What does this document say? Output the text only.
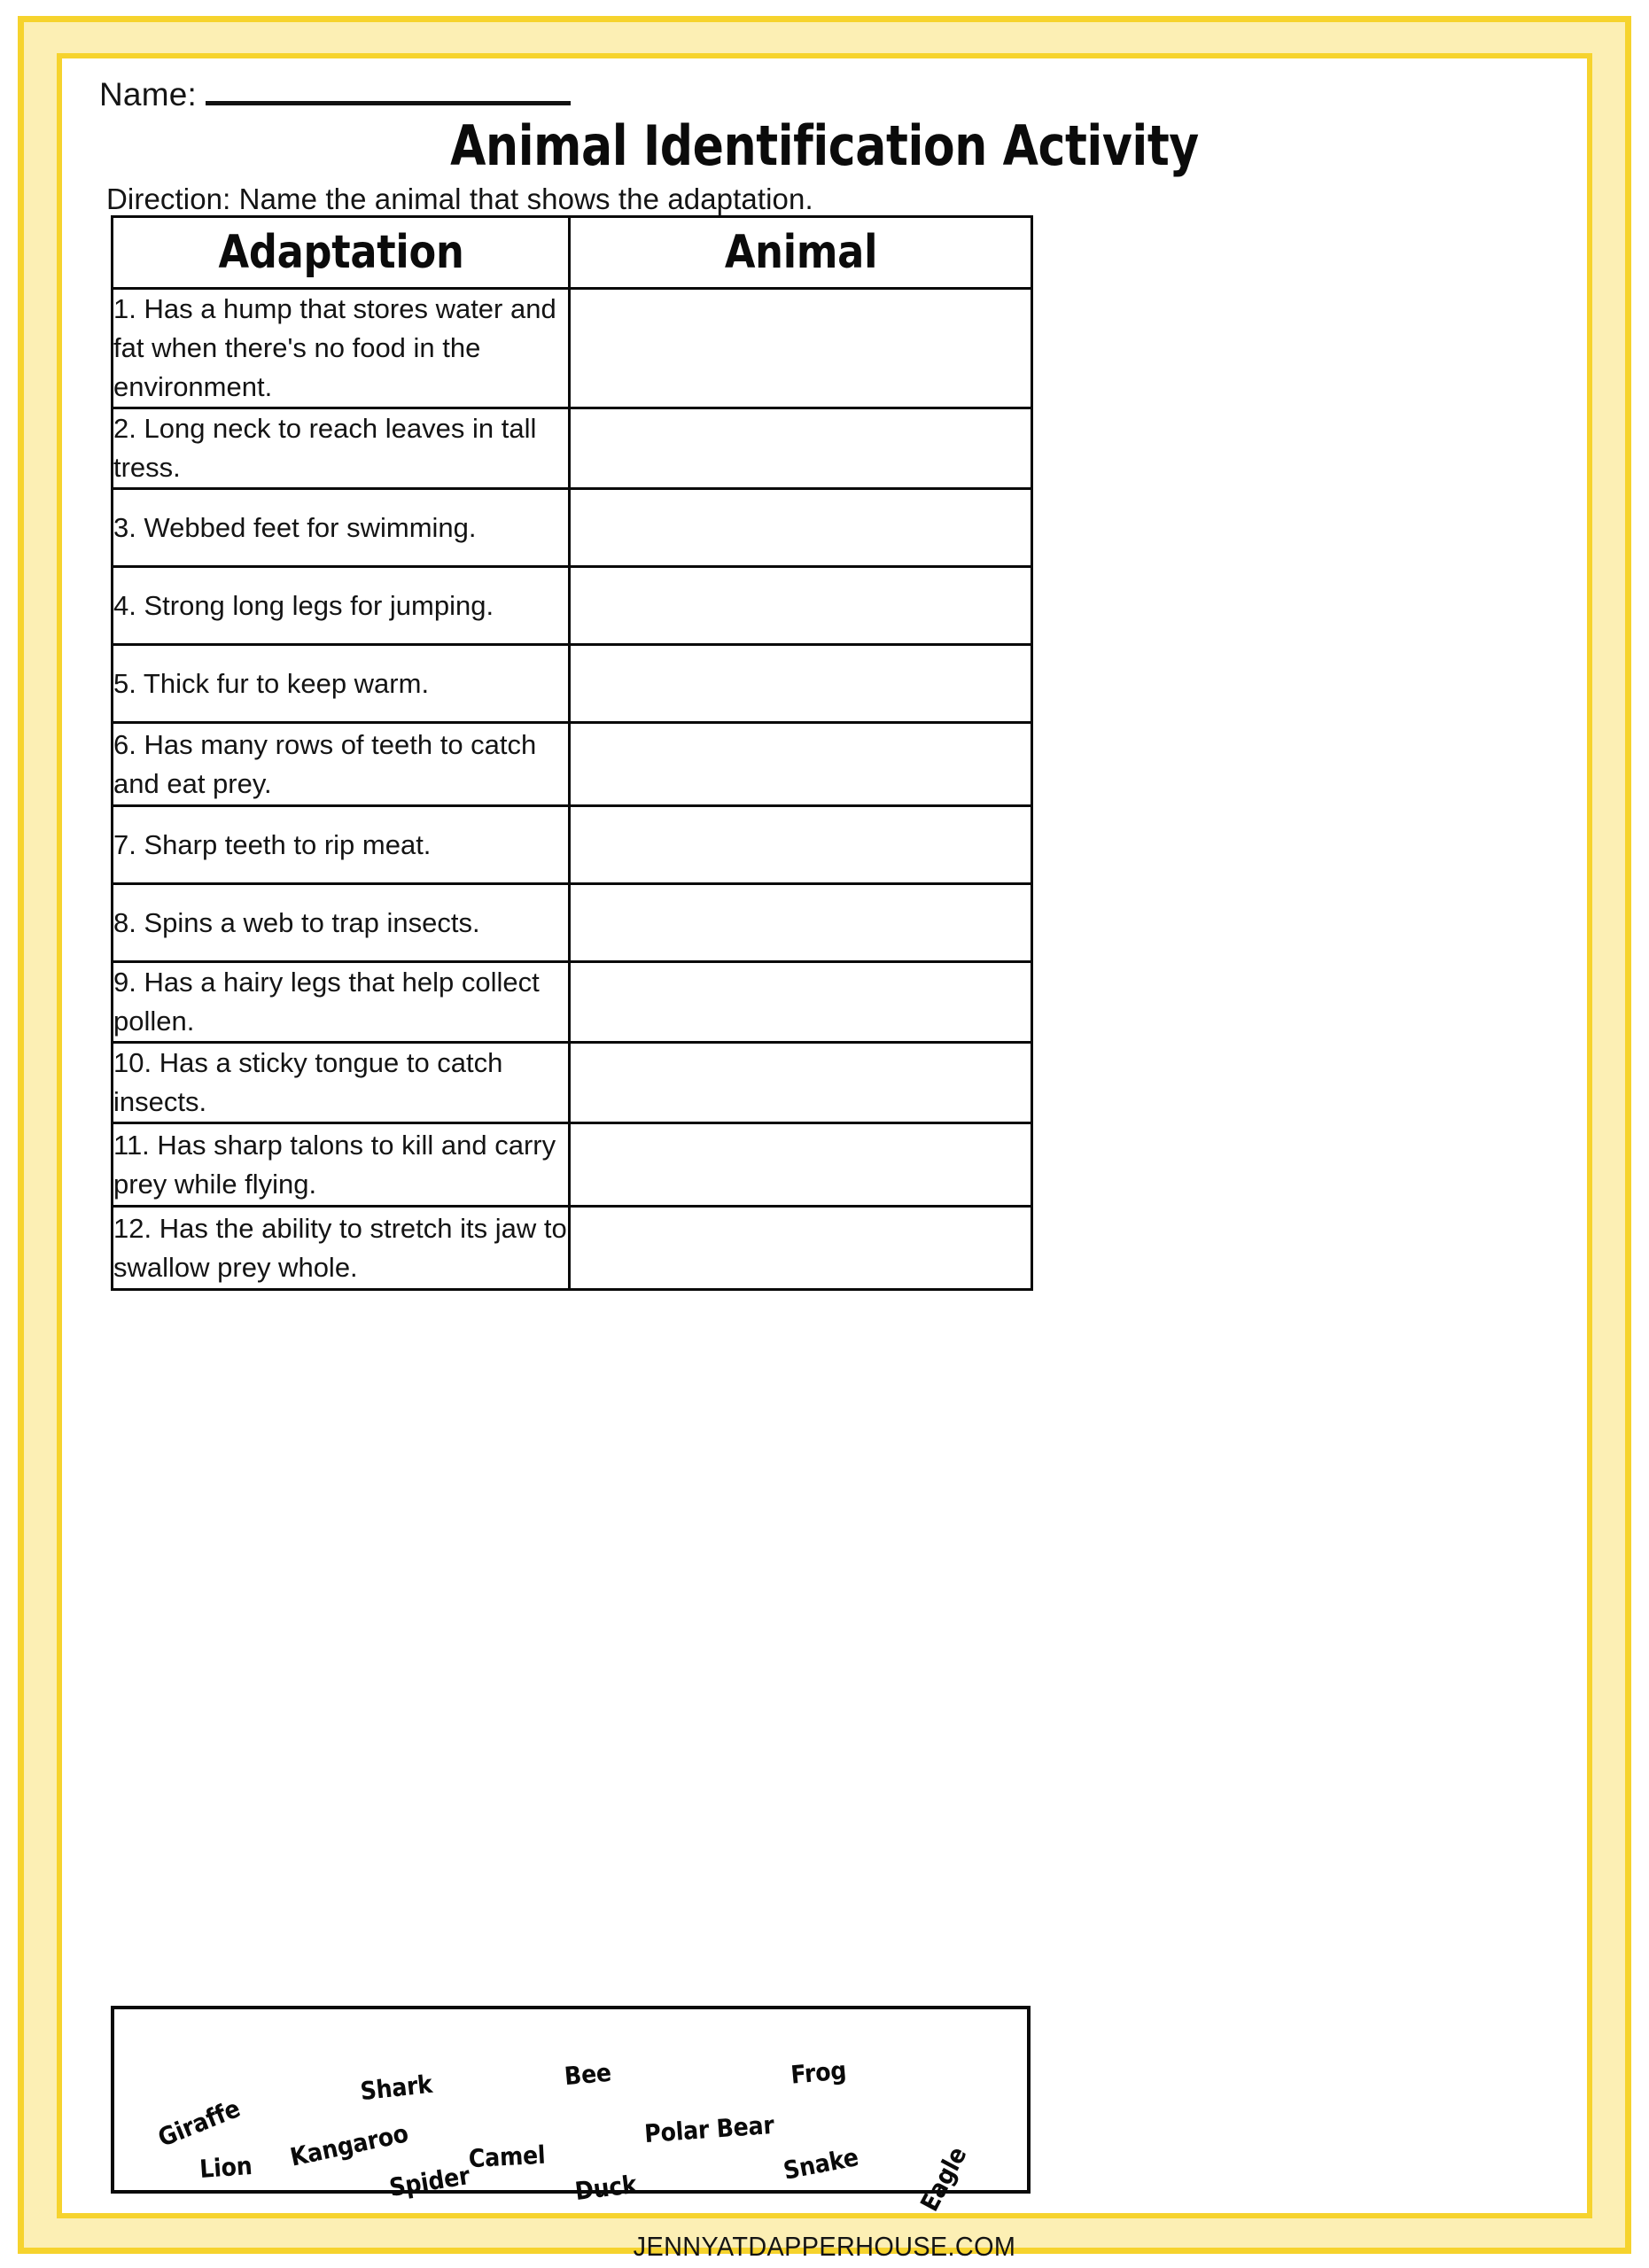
Name:
Animal Identification Activity
Direction: Name the animal that shows the adaptation.
Adaptation	Animal

1. Has a hump that stores water and fat when there's no food in the environment.	
2. Long neck to reach leaves in tall tress.	
3. Webbed feet for swimming.	
4. Strong long legs for jumping.	
5. Thick fur to keep warm.	
6. Has many rows of teeth to catch and eat prey.	
7. Sharp teeth to rip meat.	
8. Spins a web to trap insects.	
9. Has a hairy legs that help collect pollen.	
10. Has a sticky tongue to catch insects.	
11. Has sharp talons to kill and carry prey while flying.	
12. Has the ability to stretch its jaw to swallow prey whole.	
Giraffe
Lion
Shark
Kangaroo
Spider
Camel
Bee
Duck
Polar Bear
Frog
Snake Eagle
JENNYATDAPPERHOUSE.COM
